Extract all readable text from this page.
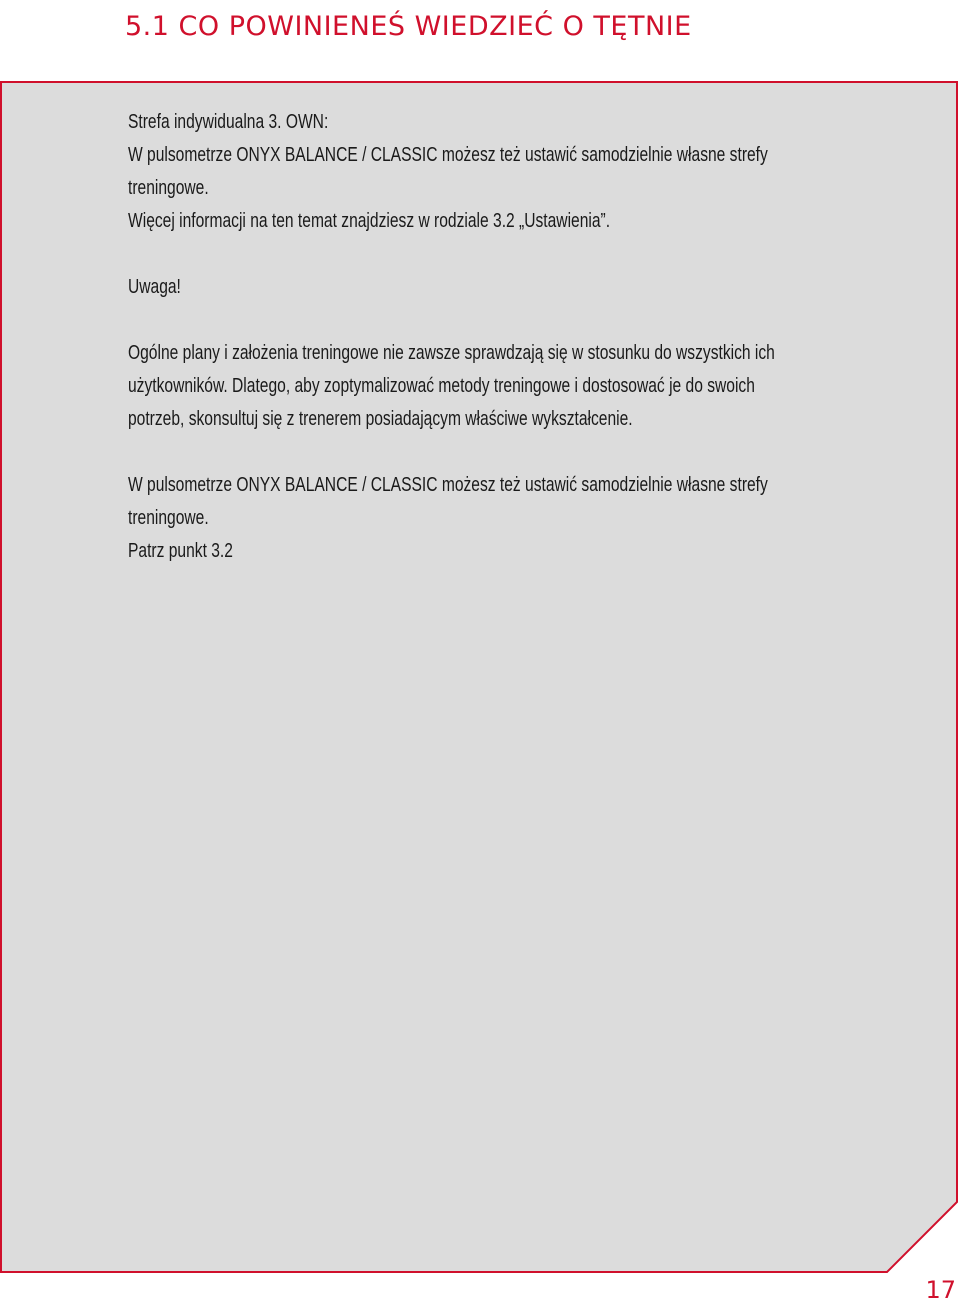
5.1 CO POWINIENEŚ WIEDZIEĆ O TĘTNIE

Strefa indywidualna 3. OWN:

W pulsometrze ONYX BALANCE / CLASSIC możesz też ustawić samodzielnie własne strefy

treningowe.

Więcej informacji na ten temat znajdziesz w rodziale 3.2 „Ustawienia”.

Uwaga!

Ogólne plany i założenia treningowe nie zawsze sprawdzają się w stosunku do wszystkich ich

użytkowników. Dlatego, aby zoptymalizować metody treningowe i dostosować je do swoich

potrzeb, skonsultuj się z trenerem posiadającym właściwe wykształcenie.

W pulsometrze ONYX BALANCE / CLASSIC możesz też ustawić samodzielnie własne strefy

treningowe.

Patrz punkt 3.2

17
